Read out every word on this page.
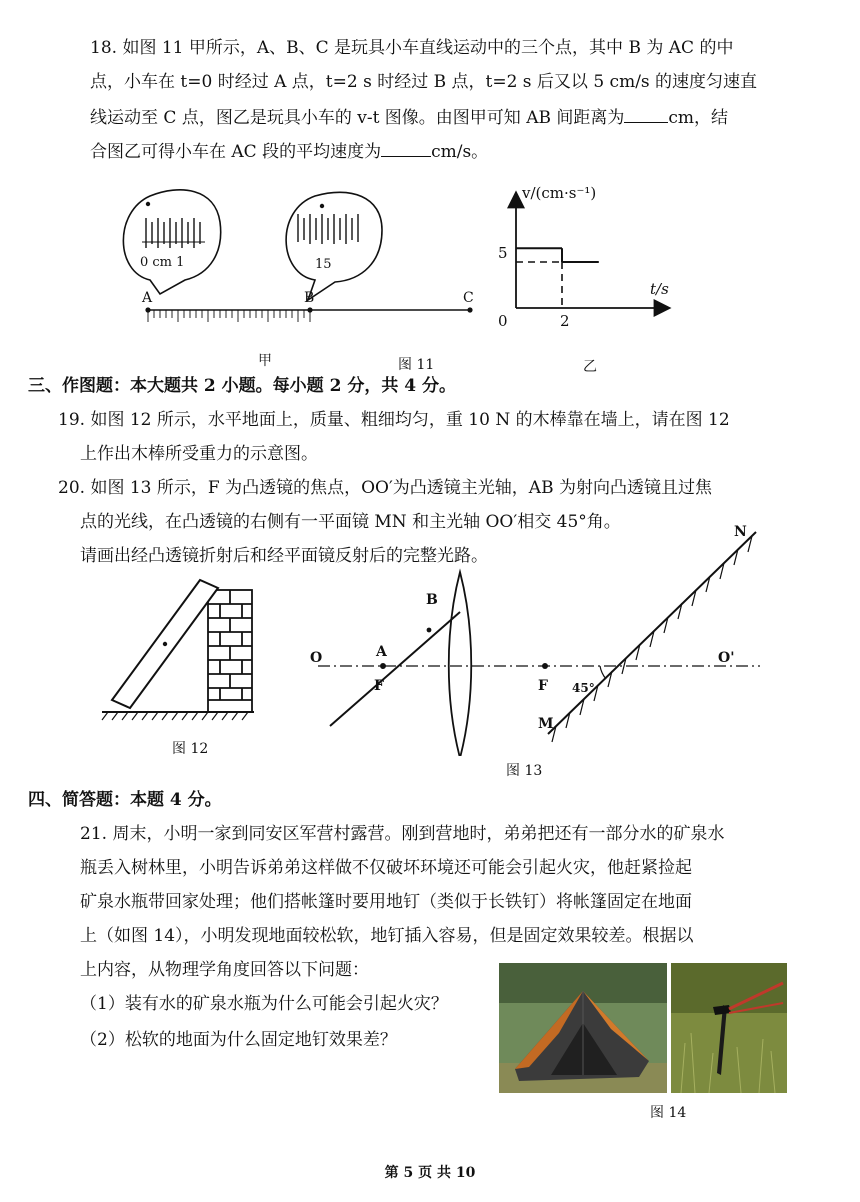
18. 如图 11 甲所示，A、B、C 是玩具小车直线运动中的三个点，其中 B 为 AC 的中
点，小车在 t=0 时经过 A 点，t=2 s 时经过 B 点，t=2 s 后又以 5 cm/s 的速度匀速直
线运动至 C 点，图乙是玩具小车的 v-t 图像。由图甲可知 AB 间距离为	cm，结
合图乙可得小车在 AC 段的平均速度为	cm/s。
0 cm 1	15
A	B	C
v/(cm·s⁻¹)
t/s
5
2
0
甲	图 11	乙
三、作图题：本大题共 2 小题。每小题 2 分，共 4 分。
19. 如图 12 所示，水平地面上，质量、粗细均匀，重 10 N 的木棒靠在墙上，请在图 12
上作出木棒所受重力的示意图。
20. 如图 13 所示，F 为凸透镜的焦点，OO′为凸透镜主光轴，AB 为射向凸透镜且过焦
点的光线，在凸透镜的右侧有一平面镜 MN 和主光轴 OO′相交 45°角。
请画出经凸透镜折射后和经平面镜反射后的完整光路。
图 12
O	O'
A
B
F	F 45°
M
N
图 13
四、简答题：本题 4 分。
21. 周末，小明一家到同安区军营村露营。刚到营地时，弟弟把还有一部分水的矿泉水
瓶丢入树林里，小明告诉弟弟这样做不仅破坏环境还可能会引起火灾，他赶紧捡起
矿泉水瓶带回家处理；他们搭帐篷时要用地钉（类似于长铁钉）将帐篷固定在地面
上（如图 14），小明发现地面较松软，地钉插入容易，但是固定效果较差。根据以
上内容，从物理学角度回答以下问题：
（1）装有水的矿泉水瓶为什么可能会引起火灾？
（2）松软的地面为什么固定地钉效果差？
图 14
第 5 页 共 10
